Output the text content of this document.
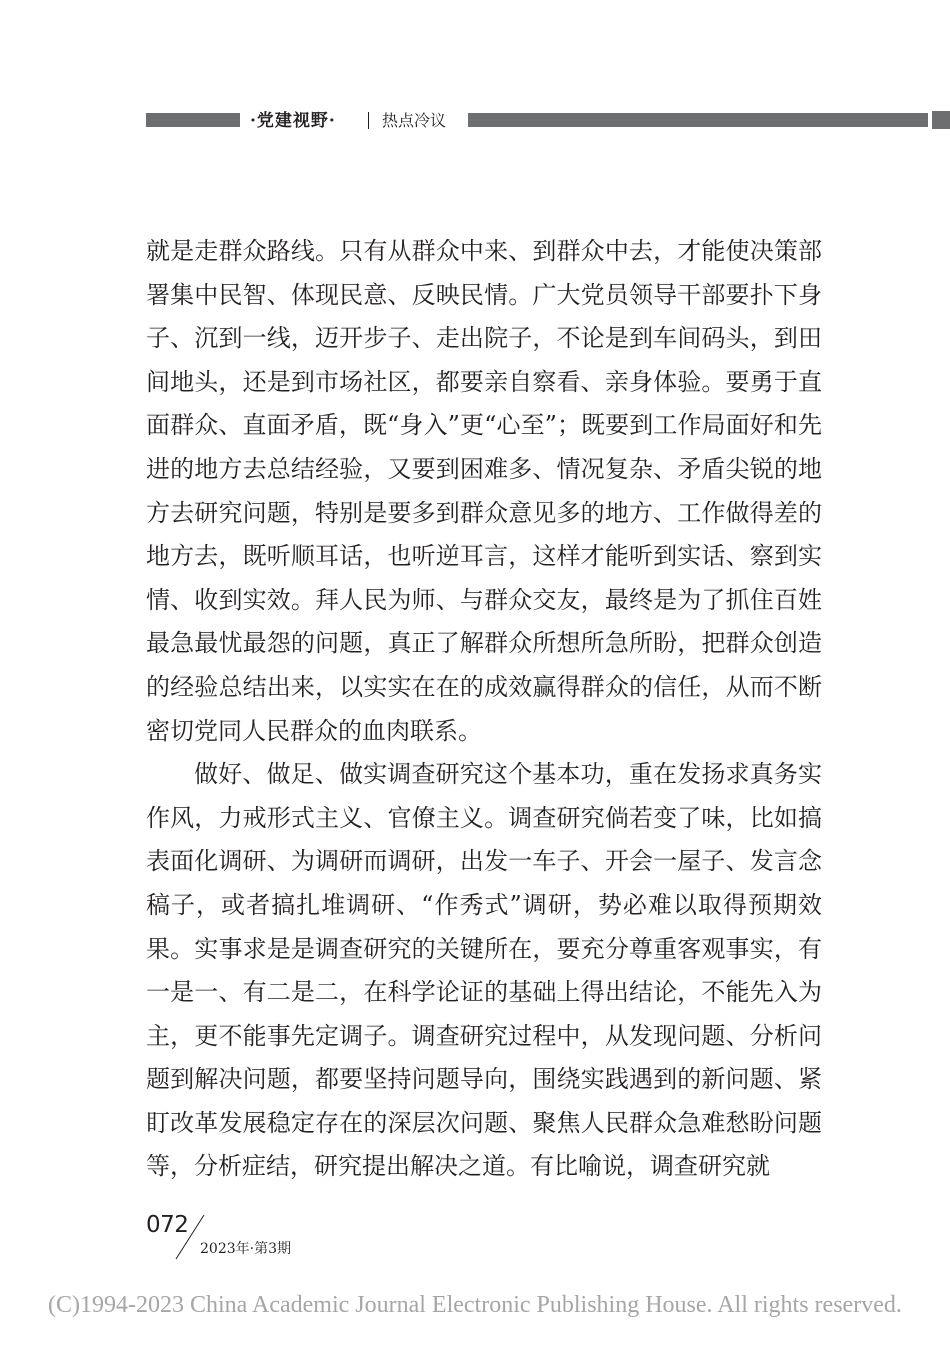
·党建视野·	热点冷议

就是走群众路线。只有从群众中来、到群众中去，才能使决策部署集中民智、体现民意、反映民情。广大党员领导干部要扑下身子、沉到一线，迈开步子、走出院子，不论是到车间码头，到田间地头，还是到市场社区，都要亲自察看、亲身体验。要勇于直面群众、直面矛盾，既“身入”更“心至”；既要到工作局面好和先进的地方去总结经验，又要到困难多、情况复杂、矛盾尖锐的地方去研究问题，特别是要多到群众意见多的地方、工作做得差的地方去，既听顺耳话，也听逆耳言，这样才能听到实话、察到实情、收到实效。拜人民为师、与群众交友，最终是为了抓住百姓最急最忧最怨的问题，真正了解群众所想所急所盼，把群众创造的经验总结出来，以实实在在的成效赢得群众的信任，从而不断密切党同人民群众的血肉联系。

做好、做足、做实调查研究这个基本功，重在发扬求真务实作风，力戒形式主义、官僚主义。调查研究倘若变了味，比如搞表面化调研、为调研而调研，出发一车子、开会一屋子、发言念稿子，或者搞扎堆调研、“作秀式”调研，势必难以取得预期效果。实事求是是调查研究的关键所在，要充分尊重客观事实，有一是一、有二是二，在科学论证的基础上得出结论，不能先入为主，更不能事先定调子。调查研究过程中，从发现问题、分析问题到解决问题，都要坚持问题导向，围绕实践遇到的新问题、紧盯改革发展稳定存在的深层次问题、聚焦人民群众急难愁盼问题等，分析症结，研究提出解决之道。有比喻说，调查研究就

072
2023年·第3期
(C)1994-2023 China Academic Journal Electronic Publishing House. All rights reserved.
